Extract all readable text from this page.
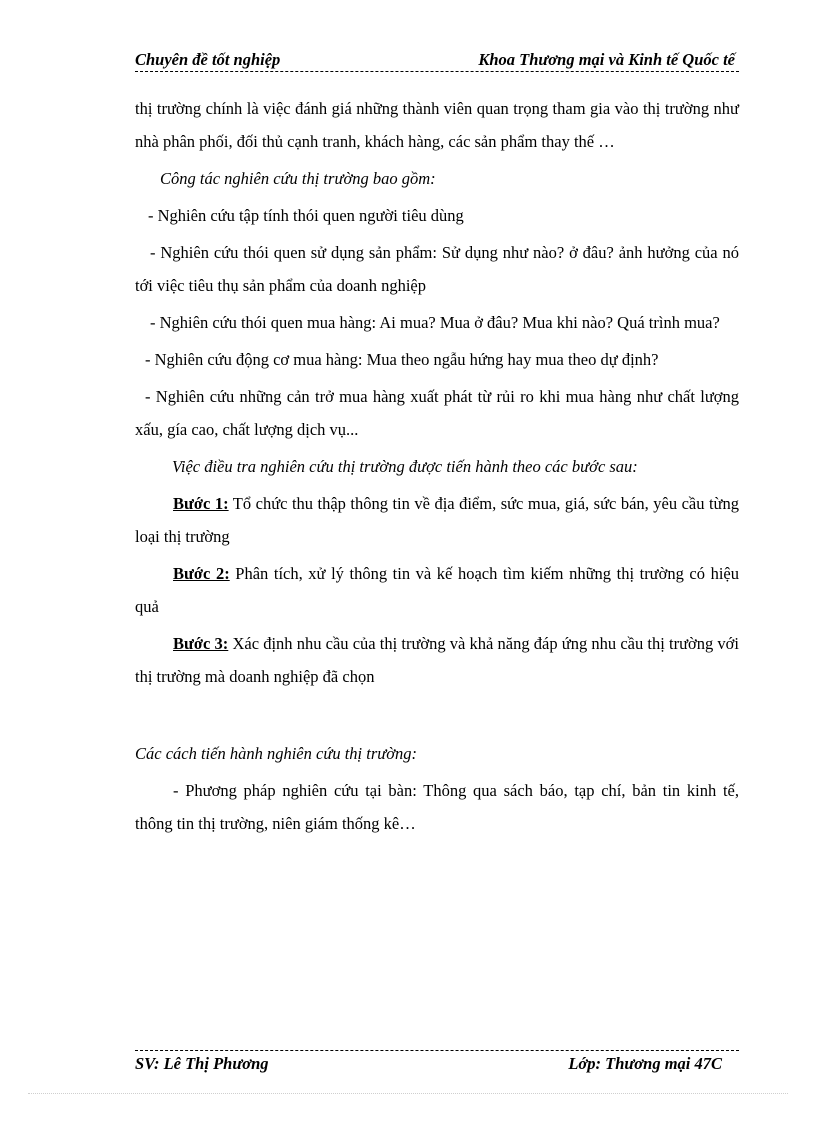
Chuyên đề tốt nghiệp	Khoa Thương mại và Kinh tế Quốc tế

thị trường chính là việc đánh giá những thành viên quan trọng tham gia vào thị trường như nhà phân phối, đối thủ cạnh tranh, khách hàng, các sản phẩm thay thế …

Công tác nghiên cứu thị trường bao gồm:

- Nghiên cứu tập tính thói quen người tiêu dùng

- Nghiên cứu thói quen sử dụng sản phẩm: Sử dụng như nào? ở đâu? ảnh hưởng của nó tới việc tiêu thụ sản phẩm của doanh nghiệp

- Nghiên cứu thói quen mua hàng: Ai mua? Mua ở đâu? Mua khi nào? Quá trình mua?

- Nghiên cứu động cơ mua hàng: Mua theo ngẫu hứng hay mua theo dự định?

- Nghiên cứu những cản trở mua hàng xuất phát từ rủi ro khi mua hàng như chất lượng xấu, gía cao, chất lượng dịch vụ...

Việc điều tra nghiên cứu thị trường được tiến hành theo các bước sau:

Bước 1: Tổ chức thu thập thông tin về địa điểm, sức mua, giá, sức bán, yêu cầu từng loại thị trường

Bước 2: Phân tích, xử lý thông tin và kế hoạch tìm kiếm những thị trường có hiệu quả

Bước 3: Xác định nhu cầu của thị trường và khả năng đáp ứng nhu cầu thị trường với thị trường mà doanh nghiệp đã chọn

Các cách tiến hành nghiên cứu thị trường:

- Phương pháp nghiên cứu tại bàn: Thông qua sách báo, tạp chí, bản tin kinh tế, thông tin thị trường, niên giám thống kê…

SV: Lê Thị Phương	Lớp: Thương mại 47C
